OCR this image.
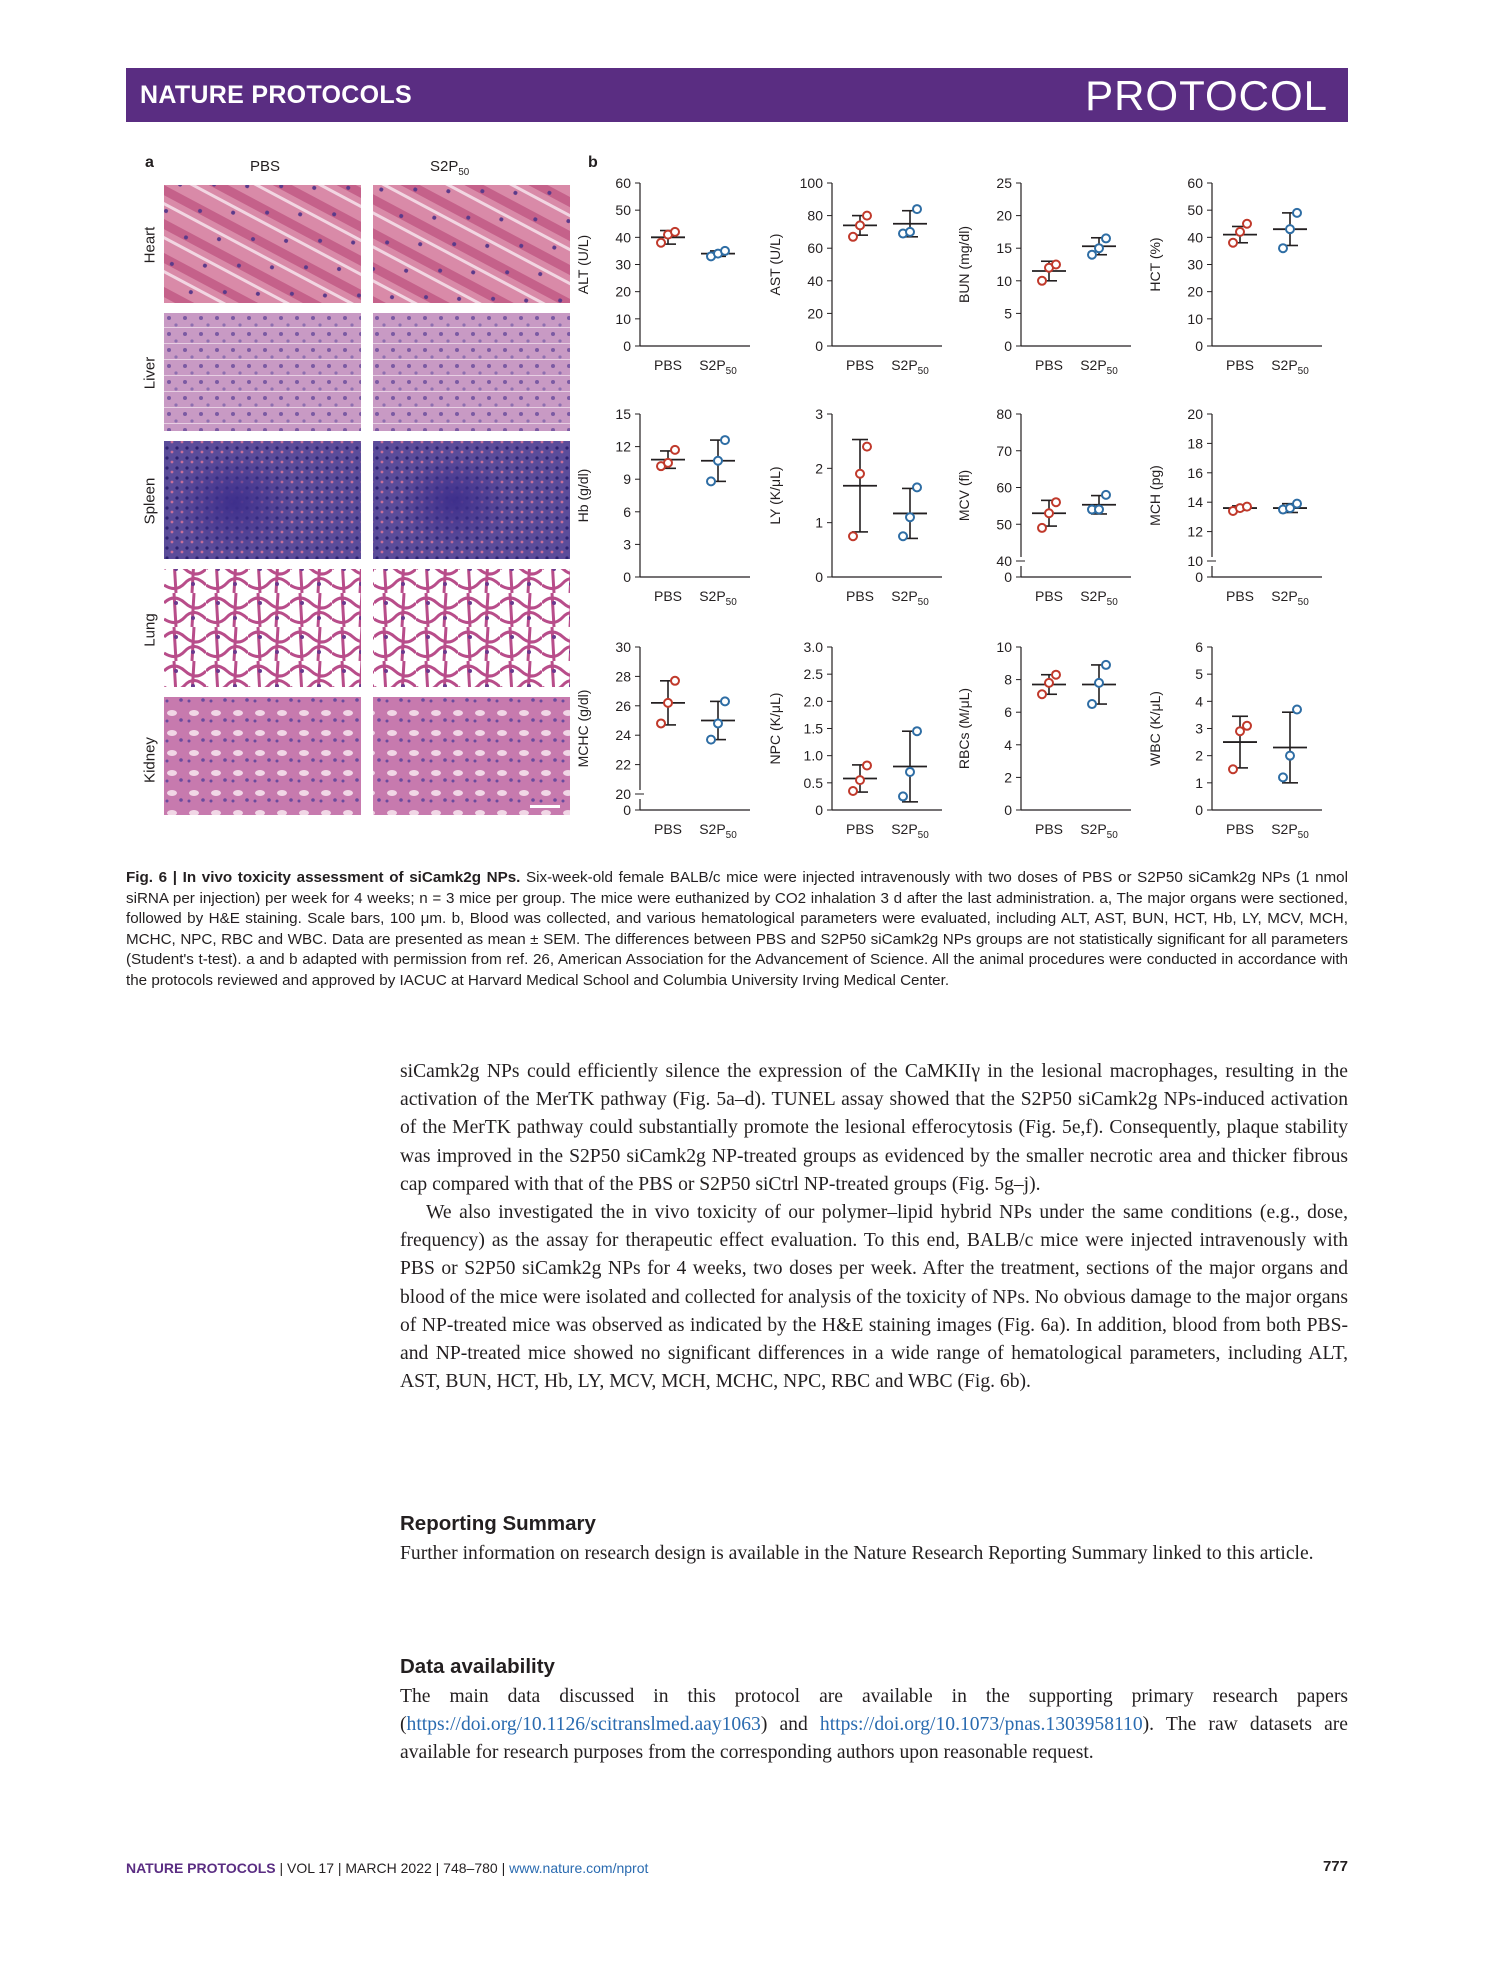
NATURE PROTOCOLS	PROTOCOL
a	PBS	$S2P_{50}$
Heart
Liver
Spleen
Lung
Kidney
b
0
10
20
30
40
50
60
ALT (U/L)
PBS $S2P_{50}$
0
20
40
60
80
100
AST (U/L)
PBS $S2P_{50}$
0
5
10
15
20
25
BUN (mg/dl)
PBS $S2P_{50}$
0
10
20
30
40
50
60
HCT (%)
PBS $S2P_{50}$
0
3
6
9
12
15
Hb (g/dl)
PBS $S2P_{50}$
0
1
2
3
LY (K/μL)
PBS $S2P_{50}$
0
40
50
60
70
80
MCV (fl)
PBS $S2P_{50}$
0
10
12
14
16
18
20
MCH (pg)
PBS $S2P_{50}$
0
20
22
24
26
28
30
MCHC (g/dl)
PBS $S2P_{50}$
0
0.5
1.0
1.5
2.0
2.5
3.0
NPC (K/μL)
PBS $S2P_{50}$
0
2
4
6
8
10
RBCs (M/μL)
PBS $S2P_{50}$
0
1
2
3
4
5
6
WBC (K/μL)
PBS $S2P_{50}$
Fig. 6 | In vivo toxicity assessment of siCamk2g NPs. Six-week-old female BALB/c mice were injected intravenously with two doses of PBS or S2P50 siCamk2g NPs (1 nmol siRNA per injection) per week for 4 weeks; n = 3 mice per group. The mice were euthanized by CO2 inhalation 3 d after the last administration. a, The major organs were sectioned, followed by H&E staining. Scale bars, 100 μm. b, Blood was collected, and various hematological parameters were evaluated, including ALT, AST, BUN, HCT, Hb, LY, MCV, MCH, MCHC, NPC, RBC and WBC. Data are presented as mean ± SEM. The differences between PBS and S2P50 siCamk2g NPs groups are not statistically significant for all parameters (Student's t-test). a and b adapted with permission from ref. 26, American Association for the Advancement of Science. All the animal procedures were conducted in accordance with the protocols reviewed and approved by IACUC at Harvard Medical School and Columbia University Irving Medical Center.

siCamk2g NPs could efficiently silence the expression of the CaMKIIγ in the lesional macrophages, resulting in the activation of the MerTK pathway (Fig. 5a–d). TUNEL assay showed that the S2P50 siCamk2g NPs-induced activation of the MerTK pathway could substantially promote the lesional efferocytosis (Fig. 5e,f). Consequently, plaque stability was improved in the S2P50 siCamk2g NP-treated groups as evidenced by the smaller necrotic area and thicker fibrous cap compared with that of the PBS or S2P50 siCtrl NP-treated groups (Fig. 5g–j).

We also investigated the in vivo toxicity of our polymer–lipid hybrid NPs under the same conditions (e.g., dose, frequency) as the assay for therapeutic effect evaluation. To this end, BALB/c mice were injected intravenously with PBS or S2P50 siCamk2g NPs for 4 weeks, two doses per week. After the treatment, sections of the major organs and blood of the mice were isolated and collected for analysis of the toxicity of NPs. No obvious damage to the major organs of NP-treated mice was observed as indicated by the H&E staining images (Fig. 6a). In addition, blood from both PBS- and NP-treated mice showed no significant differences in a wide range of hematological parameters, including ALT, AST, BUN, HCT, Hb, LY, MCV, MCH, MCHC, NPC, RBC and WBC (Fig. 6b).

Reporting Summary

Further information on research design is available in the Nature Research Reporting Summary linked to this article.

Data availability

The main data discussed in this protocol are available in the supporting primary research papers (https://doi.org/10.1126/scitranslmed.aay1063) and https://doi.org/10.1073/pnas.1303958110). The raw datasets are available for research purposes from the corresponding authors upon reasonable request.

NATURE PROTOCOLS | VOL 17 | MARCH 2022 | 748–780 | www.nature.com/nprot	777
